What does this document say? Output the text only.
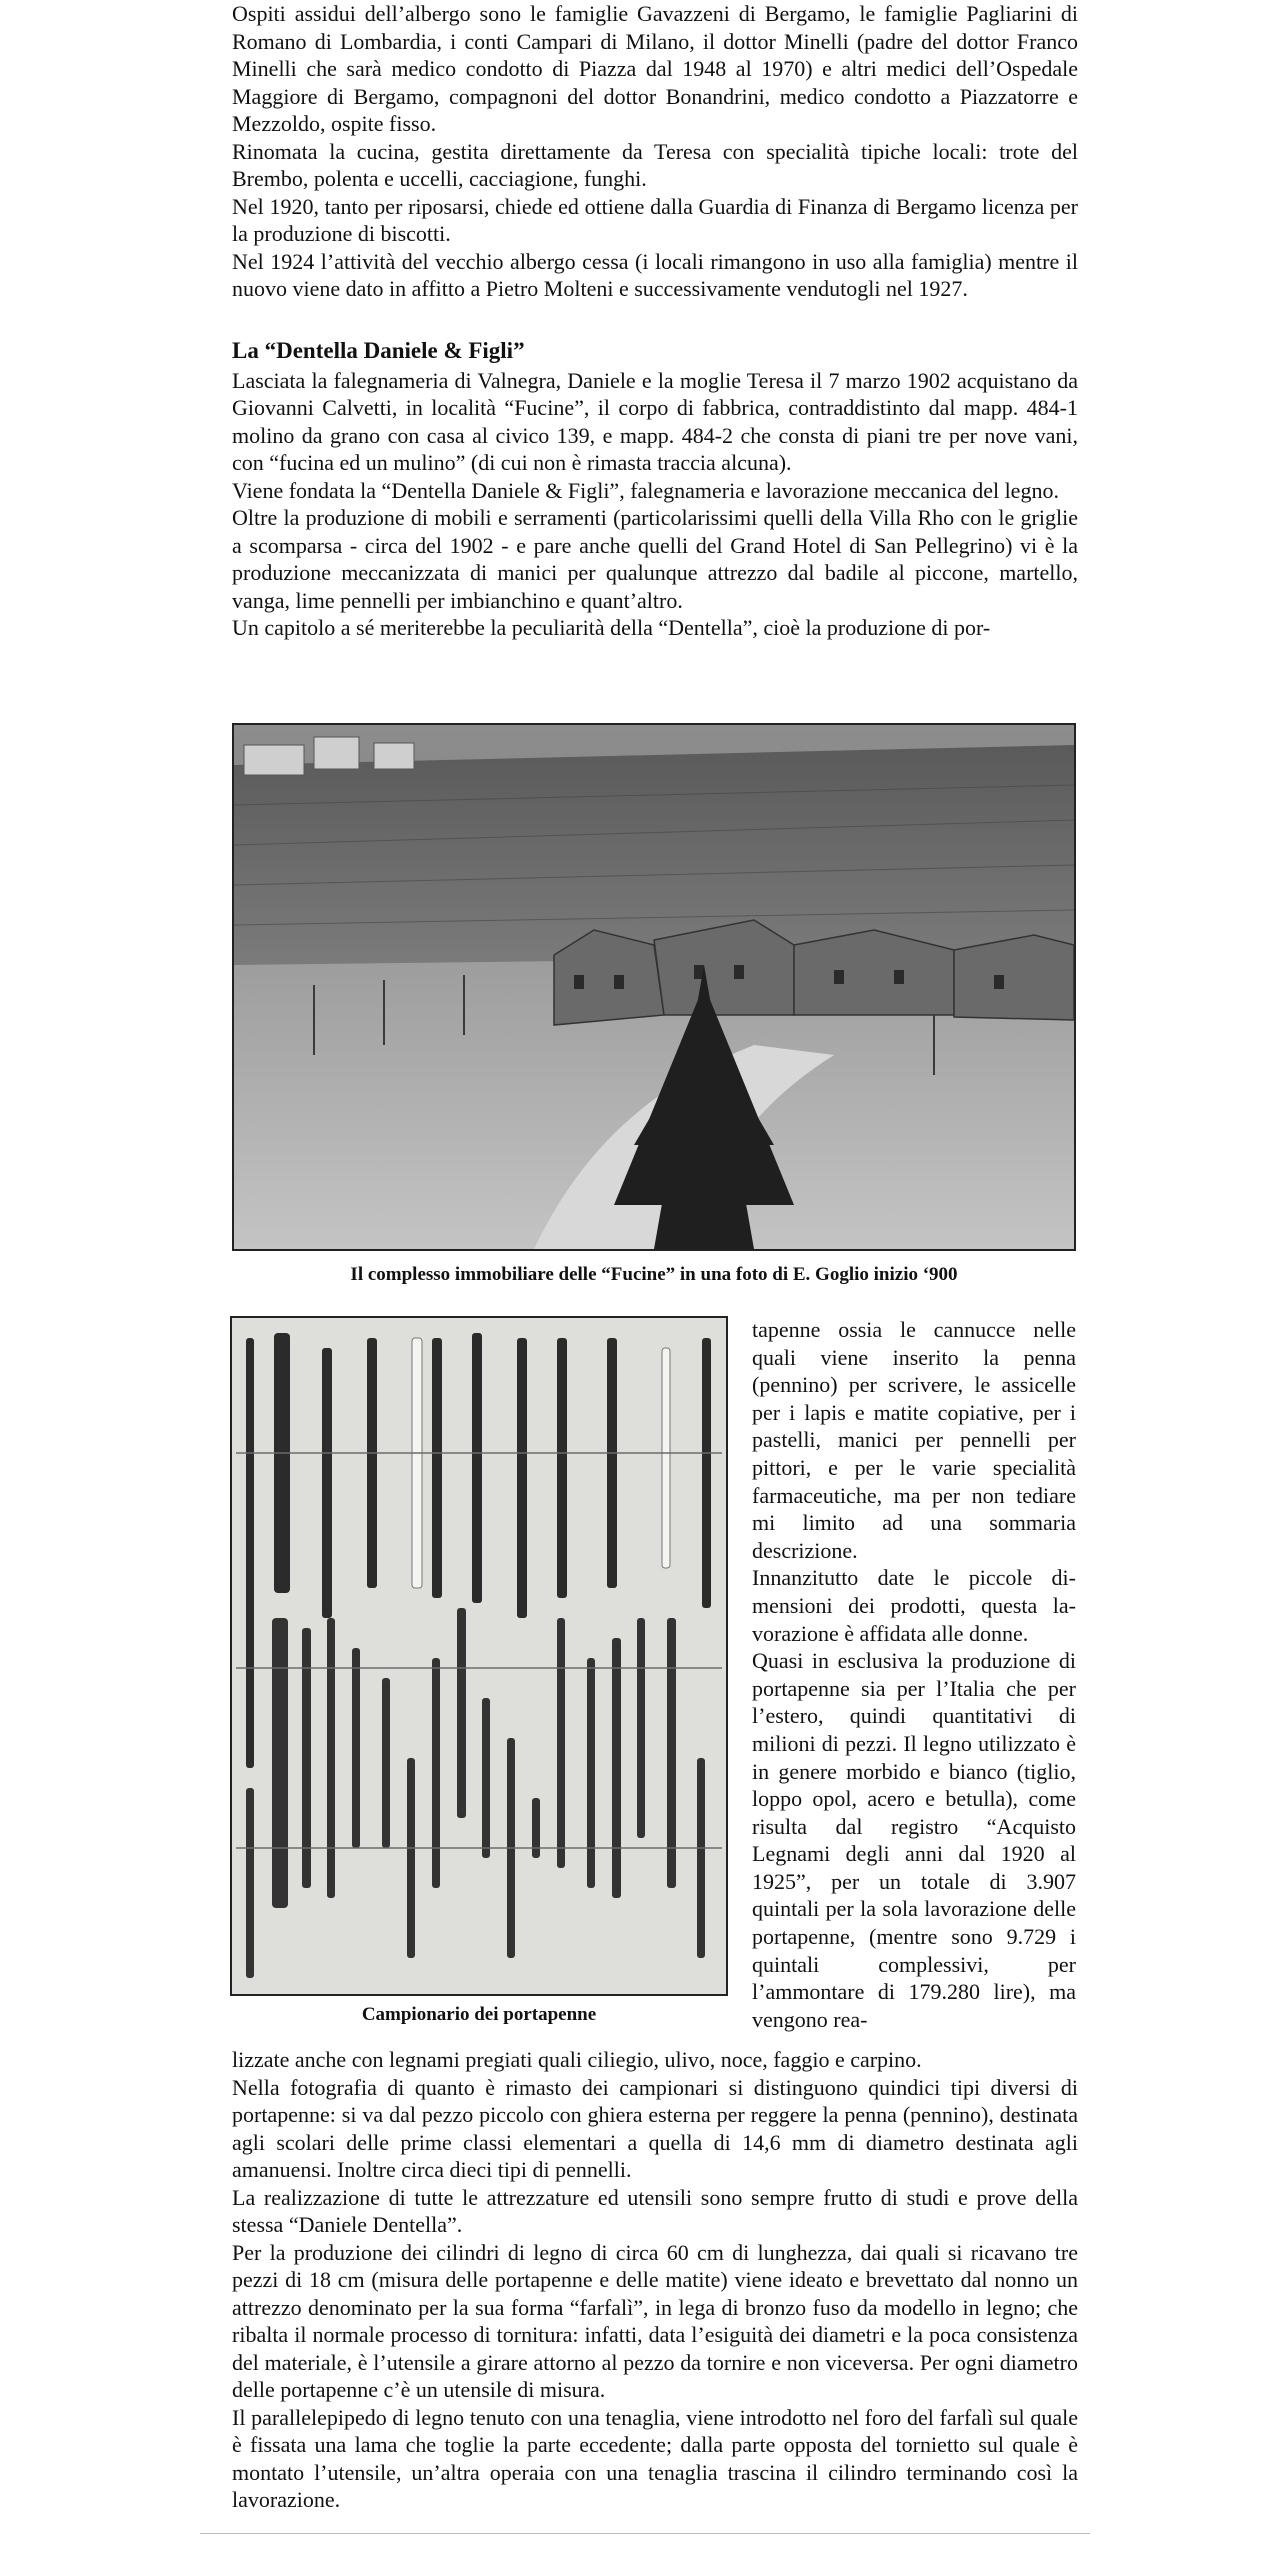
Ospiti assidui dell’albergo sono le famiglie Gavazzeni di Bergamo, le famiglie Pagliarini di Romano di Lombardia, i conti Campari di Milano, il dottor Minelli (padre del dottor Franco Minelli che sarà medico condotto di Piazza dal 1948 al 1970) e altri medici dell’Ospedale Maggiore di Bergamo, compagnoni del dottor Bonandrini, medico condotto a Piazzatorre e Mezzoldo, ospite fisso.

Rinomata la cucina, gestita direttamente da Teresa con specialità tipiche locali: trote del Brembo, polenta e uccelli, cacciagione, funghi.

Nel 1920, tanto per riposarsi, chiede ed ottiene dalla Guardia di Finanza di Bergamo licenza per la produzione di biscotti.

Nel 1924 l’attività del vecchio albergo cessa (i locali rimangono in uso alla famiglia) mentre il nuovo viene dato in affitto a Pietro Molteni e successivamente vendutogli nel 1927.

La “Dentella Daniele & Figli”

Lasciata la falegnameria di Valnegra, Daniele e la moglie Teresa il 7 marzo 1902 acquistano da Giovanni Calvetti, in località “Fucine”, il corpo di fabbrica, contraddistinto dal mapp. 484-1 molino da grano con casa al civico 139, e mapp. 484-2 che consta di piani tre per nove vani, con “fucina ed un mulino” (di cui non è rimasta traccia alcuna).

Viene fondata la “Dentella Daniele & Figli”, falegnameria e lavorazione meccanica del legno.

Oltre la produzione di mobili e serramenti (particolarissimi quelli della Villa Rho con le griglie a scomparsa - circa del 1902 - e pare anche quelli del Grand Hotel di San Pellegrino) vi è la produzione meccanizzata di manici per qualunque attrezzo dal badile al piccone, martello, vanga, lime pennelli per imbianchino e quant’altro.

Un capitolo a sé meriterebbe la peculiarità della “Dentella”, cioè la produzione di por-

Il complesso immobiliare delle “Fucine” in una foto di E. Goglio inizio ‘900
Campionario dei portapenne

tapenne ossia le cannucce nelle quali viene inserito la penna (pennino) per scrivere, le assicelle per i lapis e matite copiative, per i pastelli, manici per pennelli per pittori, e per le varie specialità farmaceutiche, ma per non tediare mi limito ad una sommaria descrizione.

Innanzitutto date le piccole dimensioni dei prodotti, questa lavorazione è affidata alle donne.

Quasi in esclusiva la produzione di portapenne sia per l’Italia che per l’estero, quindi quantitativi di milioni di pezzi. Il legno utilizzato è in genere morbido e bianco (tiglio, loppo opol, acero e betulla), come risulta dal registro “Acquisto Legnami degli anni dal 1920 al 1925”, per un totale di 3.907 quintali per la sola lavorazione delle portapenne, (mentre sono 9.729 i quintali complessivi, per l’ammontare di 179.280 lire), ma vengono rea-

lizzate anche con legnami pregiati quali ciliegio, ulivo, noce, faggio e carpino.

Nella fotografia di quanto è rimasto dei campionari si distinguono quindici tipi diversi di portapenne: si va dal pezzo piccolo con ghiera esterna per reggere la penna (pennino), destinata agli scolari delle prime classi elementari a quella di 14,6 mm di diametro destinata agli amanuensi. Inoltre circa dieci tipi di pennelli.

La realizzazione di tutte le attrezzature ed utensili sono sempre frutto di studi e prove della stessa “Daniele Dentella”.

Per la produzione dei cilindri di legno di circa 60 cm di lunghezza, dai quali si ricavano tre pezzi di 18 cm (misura delle portapenne e delle matite) viene ideato e brevettato dal nonno un attrezzo denominato per la sua forma “farfalì”, in lega di bronzo fuso da modello in legno; che ribalta il normale processo di tornitura: infatti, data l’esiguità dei diametri e la poca consistenza del materiale, è l’utensile a girare attorno al pezzo da tornire e non viceversa. Per ogni diametro delle portapenne c’è un utensile di misura.

Il parallelepipedo di legno tenuto con una tenaglia, viene introdotto nel foro del farfalì sul quale è fissata una lama che toglie la parte eccedente; dalla parte opposta del tornietto sul quale è montato l’utensile, un’altra operaia con una tenaglia trascina il cilindro terminando così la lavorazione.
